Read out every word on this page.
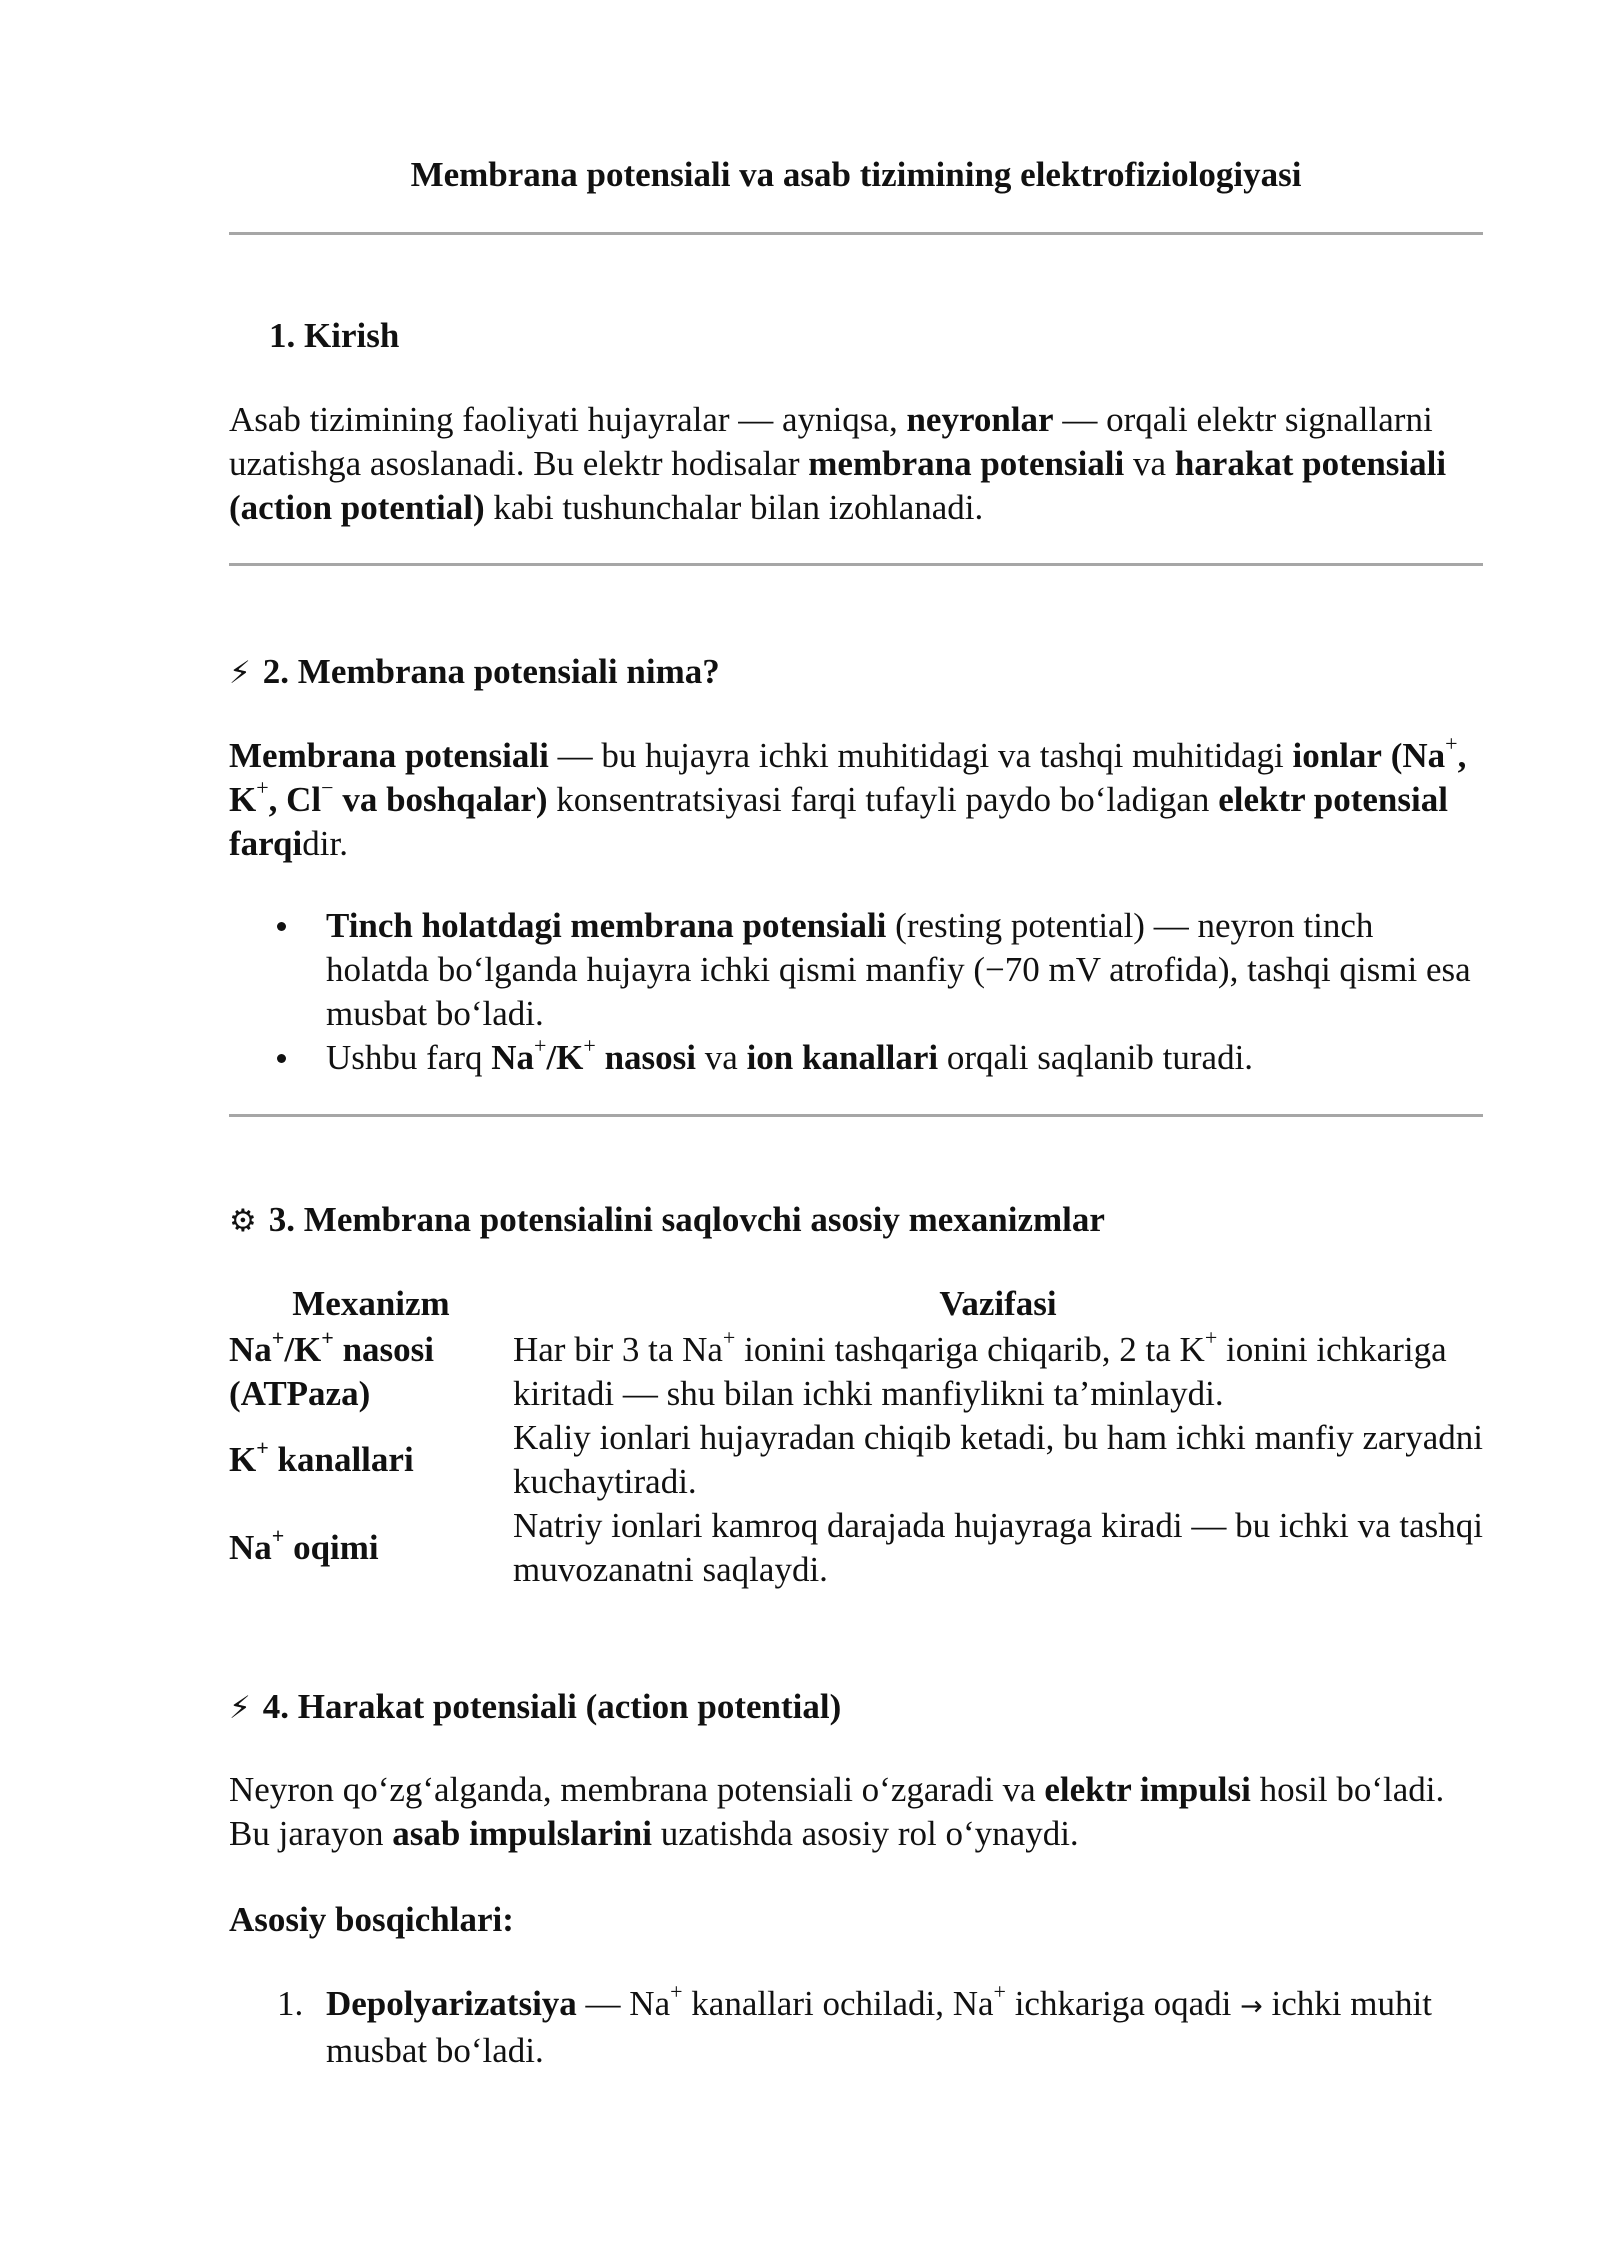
Membrana potensiali va asab tizimining elektrofiziologiyasi
1. Kirish
Asab tizimining faoliyati hujayralar — ayniqsa, neyronlar — orqali elektr signallarni uzatishga asoslanadi. Bu elektr hodisalar membrana potensiali va harakat potensiali (action potential) kabi tushunchalar bilan izohlanadi.
⚡ 2. Membrana potensiali nima?
Membrana potensiali — bu hujayra ichki muhitidagi va tashqi muhitidagi ionlar (Na+, K+, Cl− va boshqalar) konsentratsiyasi farqi tufayli paydo bo‘ladigan elektr potensial farqidir.
Tinch holatdagi membrana potensiali (resting potential) — neyron tinch holatda bo‘lganda hujayra ichki qismi manfiy (−70 mV atrofida), tashqi qismi esa musbat bo‘ladi.
Ushbu farq Na+/K+ nasosi va ion kanallari orqali saqlanib turadi.
⚙ 3. Membrana potensialini saqlovchi asosiy mexanizmlar
Mexanizm	Vazifasi
Na+/K+ nasosi
(ATPaza)
Har bir 3 ta Na+ ionini tashqariga chiqarib, 2 ta K+ ionini ichkariga kiritadi — shu bilan ichki manfiylikni ta’minlaydi.
K+ kanallari
Kaliy ionlari hujayradan chiqib ketadi, bu ham ichki manfiy zaryadni kuchaytiradi.
Na+ oqimi
Natriy ionlari kamroq darajada hujayraga kiradi — bu ichki va tashqi muvozanatni saqlaydi.
⚡ 4. Harakat potensiali (action potential)
Neyron qo‘zg‘alganda, membrana potensiali o‘zgaradi va elektr impulsi hosil bo‘ladi. Bu jarayon asab impulslarini uzatishda asosiy rol o‘ynaydi.
Asosiy bosqichlari:
1. Depolyarizatsiya — Na+ kanallari ochiladi, Na+ ichkariga oqadi → ichki muhit musbat bo‘ladi.
